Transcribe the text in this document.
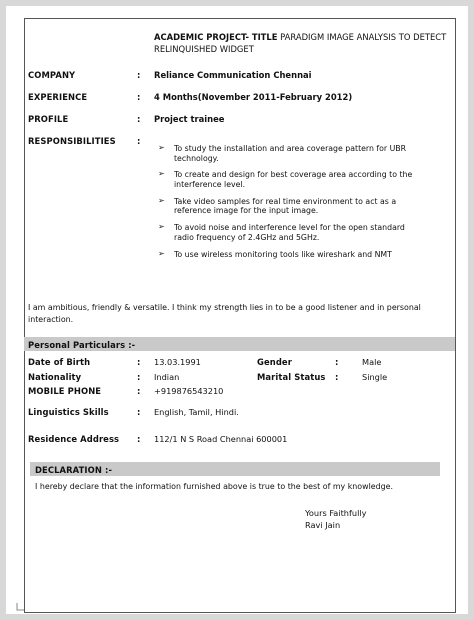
ACADEMIC PROJECT- TITLE PARADIGM IMAGE ANALYSIS TO DETECT
RELINQUISHED WIDGET
COMPANY	: Reliance Communication Chennai
EXPERIENCE	: 4 Months(November 2011-February 2012)
PROFILE	: Project trainee
RESPONSIBILITIES	:
➢ To study the installation and area coverage pattern for UBR technology.
➢ To create and design for best coverage area according to the interference level.
➢ Take video samples for real time environment to act as a reference image for the input image.
➢ To avoid noise and interference level for the open standard radio frequency of 2.4GHz and 5GHz.
➢ To use wireless monitoring tools like wireshark and NMT
I am ambitious, friendly & versatile. I think my strength lies in to be a good listener and in personal
interaction.
Personal Particulars :-
Date of Birth	: 13.03.1991	Gender	:	Male
Nationality	: Indian	Marital Status :	Single
MOBILE PHONE	: +919876543210
Linguistics Skills	: English, Tamil, Hindi.
Residence Address : 112/1 N S Road Chennai 600001
DECLARATION :-
I hereby declare that the information furnished above is true to the best of my knowledge.
Yours Faithfully
Ravi Jain
